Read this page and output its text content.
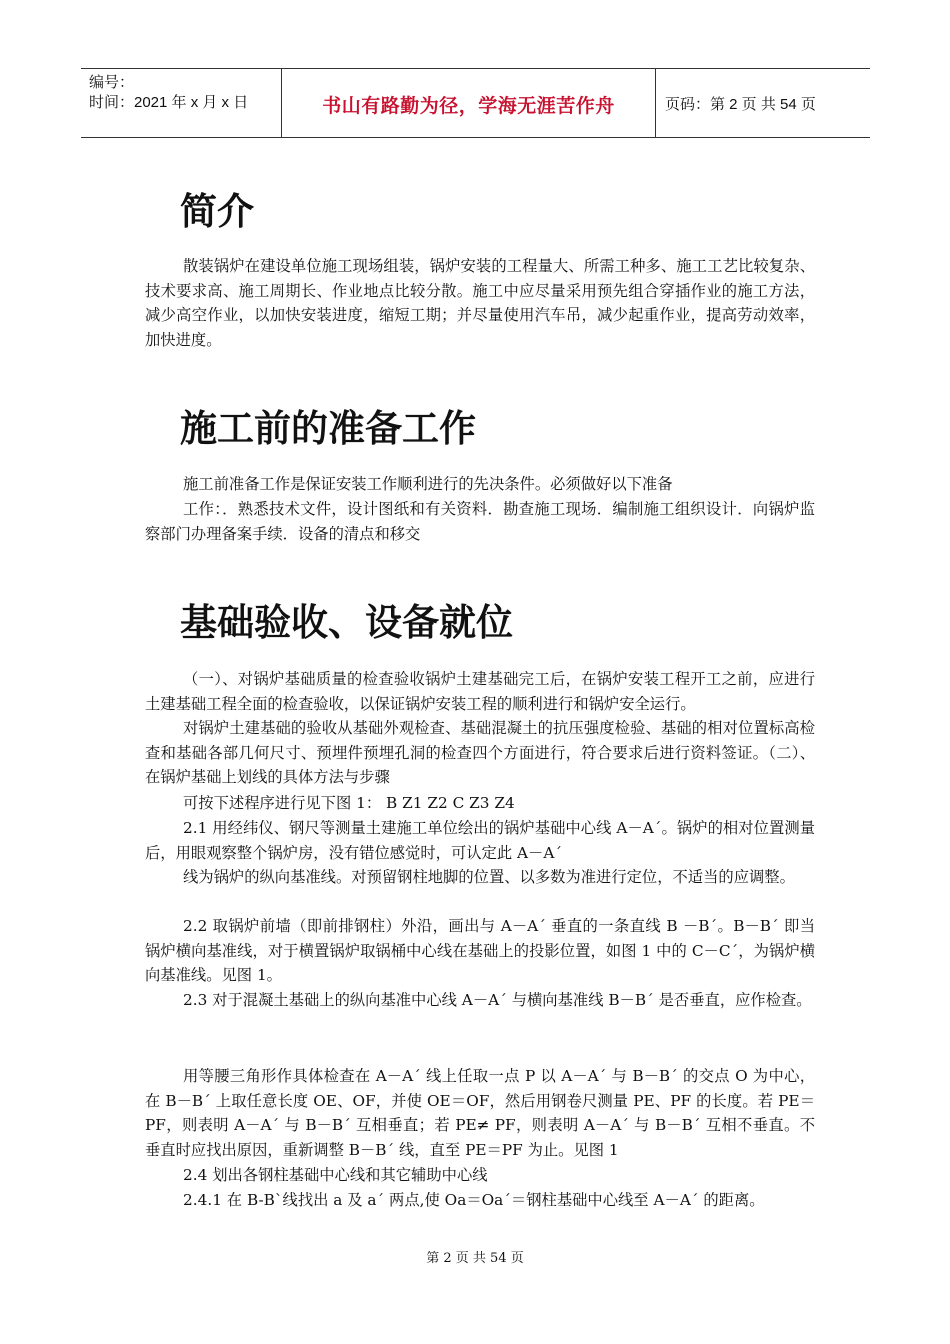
编号：
时间：2021 年 x 月 x 日	书山有路勤为径，学海无涯苦作舟	页码：第 2 页 共 54 页
简介

散装锅炉在建设单位施工现场组装，锅炉安装的工程量大、所需工种多、施工工艺比较复杂、技术要求高、施工周期长、作业地点比较分散。施工中应尽量采用预先组合穿插作业的施工方法，减少高空作业，以加快安装进度，缩短工期；并尽量使用汽车吊，减少起重作业，提高劳动效率，加快进度。

施工前的准备工作

施工前准备工作是保证安装工作顺利进行的先决条件。必须做好以下准备

工作：．熟悉技术文件，设计图纸和有关资料．勘查施工现场．编制施工组织设计．向锅炉监察部门办理备案手续．设备的清点和移交

基础验收、设备就位

（一）、对锅炉基础质量的检查验收锅炉土建基础完工后，在锅炉安装工程开工之前，应进行土建基础工程全面的检查验收，以保证锅炉安装工程的顺利进行和锅炉安全运行。

对锅炉土建基础的验收从基础外观检查、基础混凝土的抗压强度检验、基础的相对位置标高检查和基础各部几何尺寸、预埋件预埋孔洞的检查四个方面进行，符合要求后进行资料签证。（二）、在锅炉基础上划线的具体方法与步骤

可按下述程序进行见下图 1： B Z1 Z2 C Z3 Z4

2.1 用经纬仪、钢尺等测量土建施工单位绘出的锅炉基础中心线 A－A´。锅炉的相对位置测量后，用眼观察整个锅炉房，没有错位感觉时，可认定此 A－A´

线为锅炉的纵向基准线。对预留钢柱地脚的位置、以多数为准进行定位，不适当的应调整。

2.2 取锅炉前墙（即前排钢柱）外沿，画出与 A－A´ 垂直的一条直线 B －B´。B－B´ 即当锅炉横向基准线，对于横置锅炉取锅桶中心线在基础上的投影位置，如图 1 中的 C－C´，为锅炉横向基准线。见图 1。

2.3 对于混凝土基础上的纵向基准中心线 A－A´ 与横向基准线 B－B´ 是否垂直，应作检查。

用等腰三角形作具体检查在 A－A´ 线上任取一点 P 以 A－A´ 与 B－B´ 的交点 O 为中心，在 B－B´ 上取任意长度 OE、OF，并使 OE＝OF，然后用钢卷尺测量 PE、PF 的长度。若 PE＝PF，则表明 A－A´ 与 B－B´ 互相垂直；若 PE≠ PF，则表明 A－A´ 与 B－B´ 互相不垂直。不垂直时应找出原因，重新调整 B－B´ 线，直至 PE＝PF 为止。见图 1

2.4 划出各钢柱基础中心线和其它辅助中心线

2.4.1 在 B-B`线找出 a 及 a´ 两点,使 Oa＝Oa´＝钢柱基础中心线至 A－A´ 的距离。

第 2 页 共 54 页
